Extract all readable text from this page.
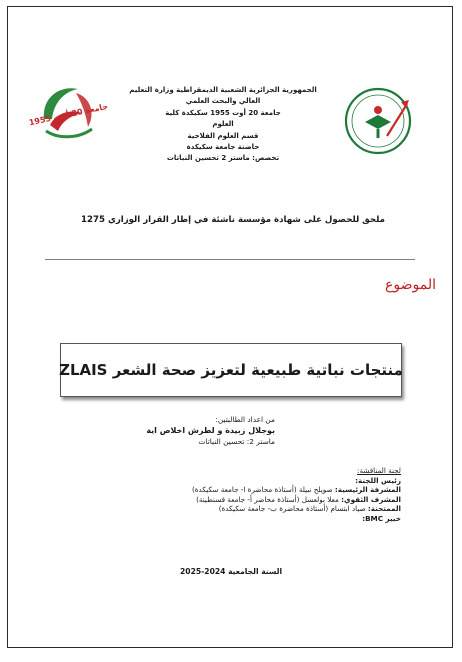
1955 جامعة 20 أوت
الجمهورية الجزائرية الشعبية الديمقراطية وزارة التعليم
العالي والبحث العلمي
جامعة 20 أوت 1955 سكيكدة كلية
العلوم
قسم العلوم الفلاحية
حاضنة جامعة سكيكدة
تخصص: ماستر 2 تحسين النباتات
ملحق للحصول على شهادة مؤسسة ناشئة في إطار القرار الوزاري 1275
الموضوع
منتجات نباتية طبيعية لتعزيز صحة الشعر ZLAIS
من اعداد الطالبتين:
بوجلال زبيدة و لطرش اخلاص اية
ماستر 2: تحسين النباتات
لجنة المناقشة:
رئيس اللجنة:
المشرفة الرئيسية: صويلح نبيلة (أستاذة محاضرة ا- جامعة سكيكدة)
المشرف الثقوي: معلا بولعسل (أستاذة محاضر أ- جامعة قسنطينة)
الممتحنة: صياد ابتسام (أستاذة محاضرة ب- جامعة سكيكدة)
خبير BMC:
السنة الجامعية 2024-2025
